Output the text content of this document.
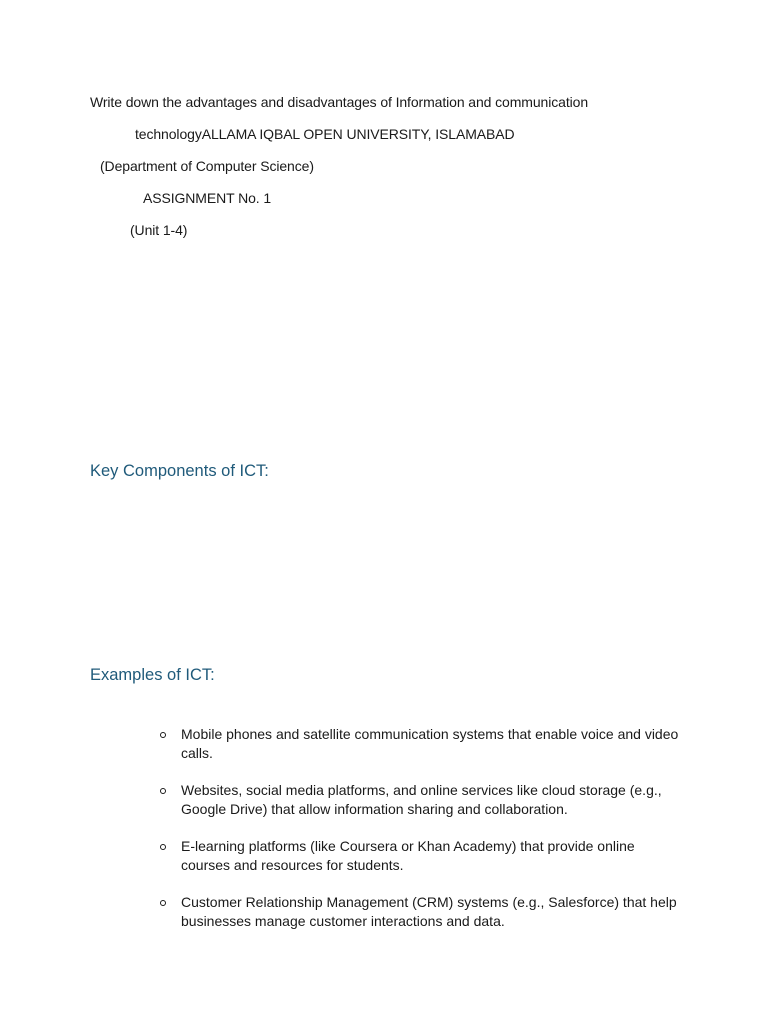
Write down the advantages and disadvantages of Information and communication
technologyALLAMA IQBAL OPEN UNIVERSITY, ISLAMABAD
(Department of Computer Science)
ASSIGNMENT No. 1
(Unit 1-4)
Key Components of ICT:
Examples of ICT:
Mobile phones and satellite communication systems that enable voice and video calls.
Websites, social media platforms, and online services like cloud storage (e.g., Google Drive) that allow information sharing and collaboration.
E-learning platforms (like Coursera or Khan Academy) that provide online courses and resources for students.
Customer Relationship Management (CRM) systems (e.g., Salesforce) that help businesses manage customer interactions and data.
